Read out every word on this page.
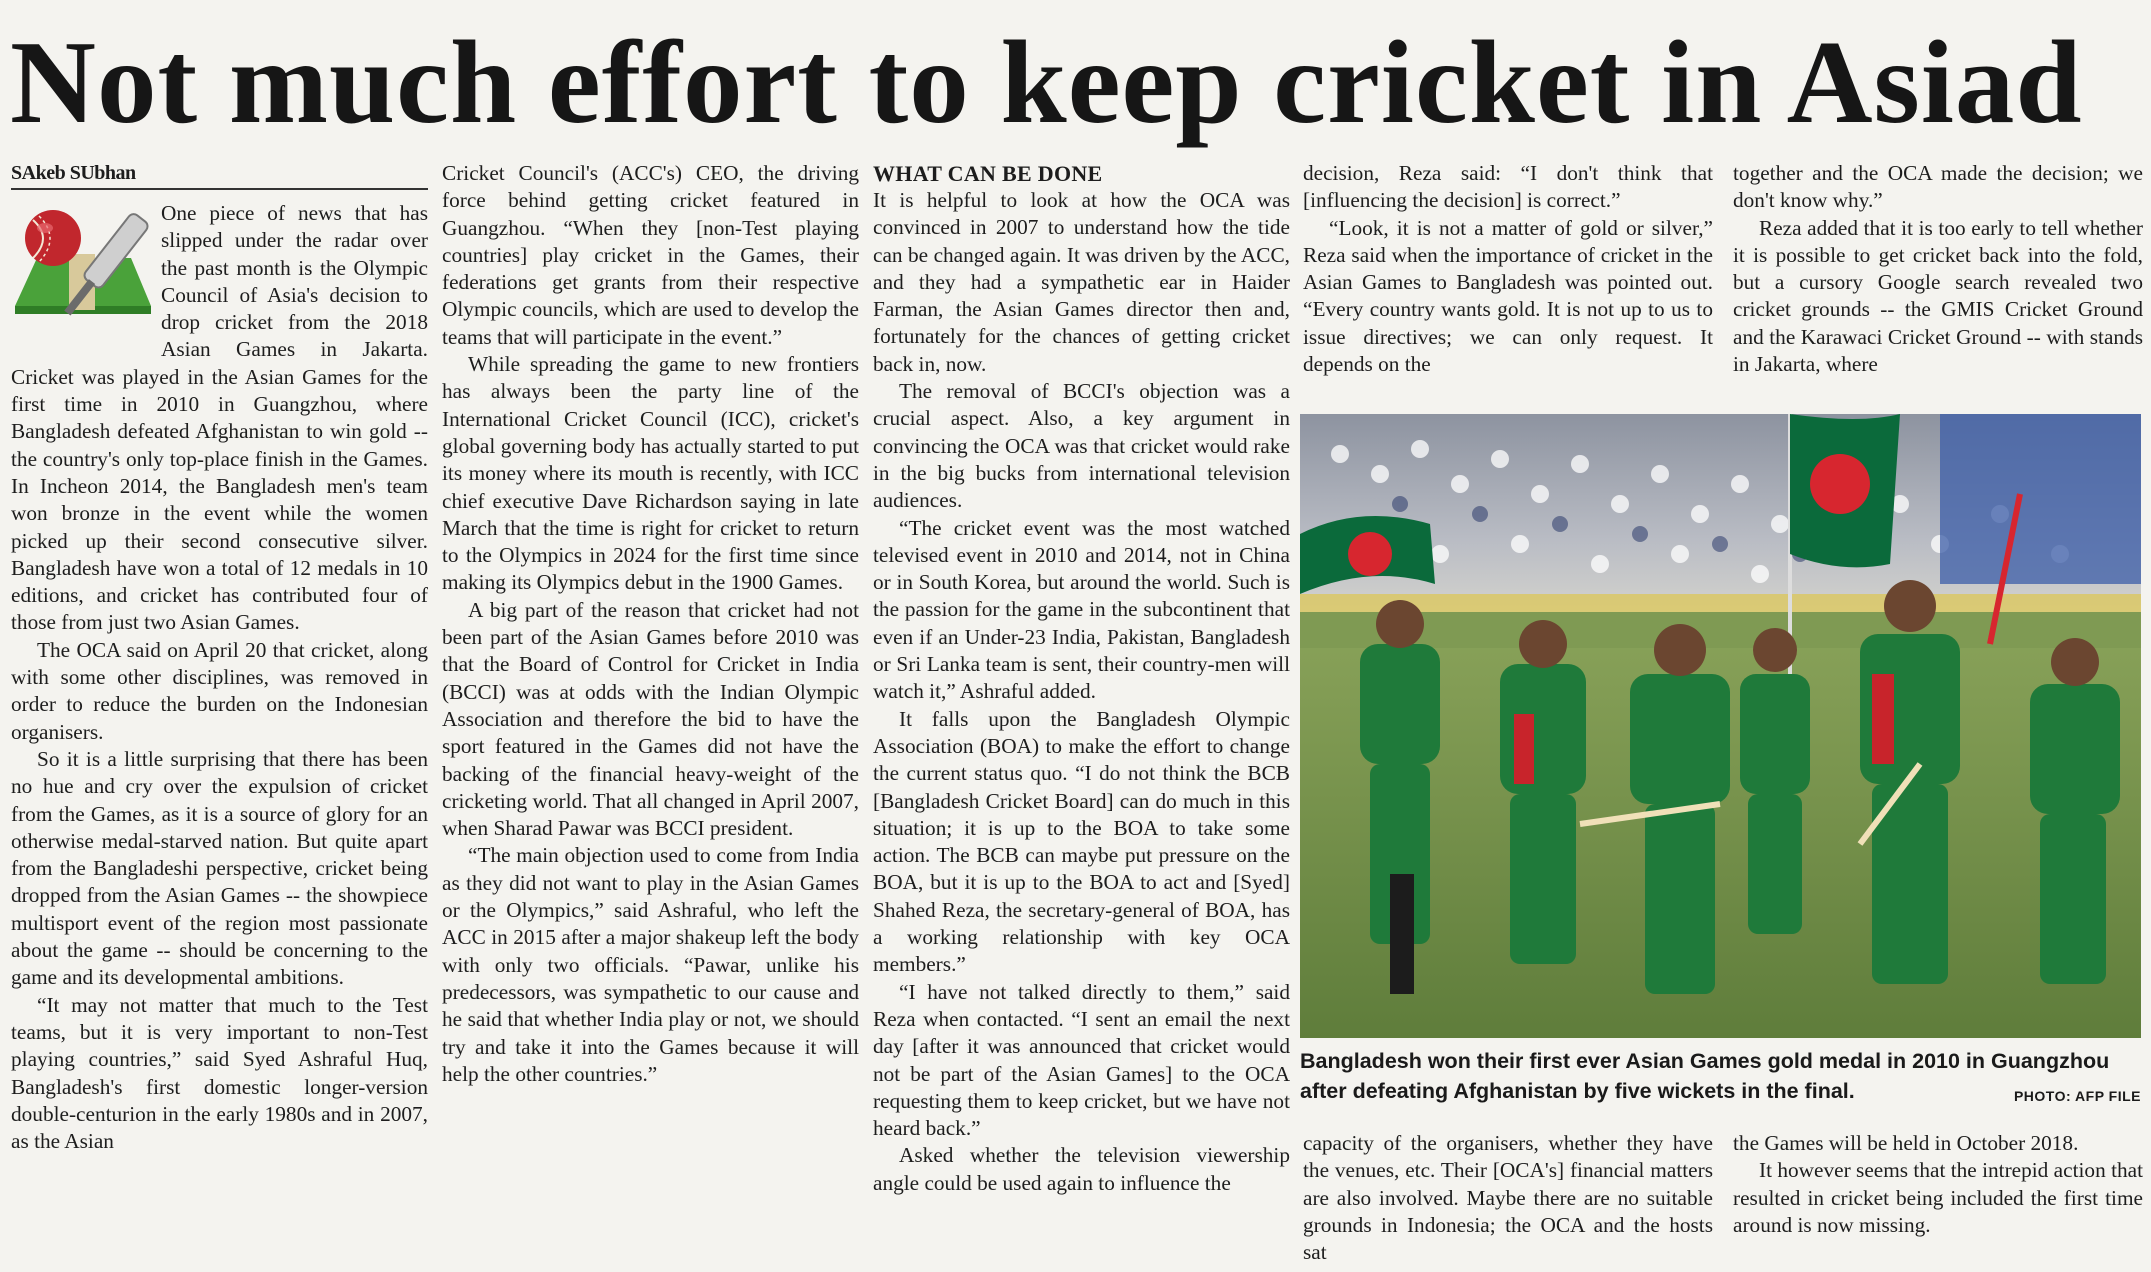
Not much effort to keep cricket in Asiad
SAkeb SUbhan

One piece of news that has slipped under the radar over the past month is the Olympic Council of Asia's decision to drop cricket from the 2018 Asian Games in Jakarta. Cricket was played in the Asian Games for the first time in 2010 in Guangzhou, where Bangladesh defeated Afghanistan to win gold -- the country's only top-place finish in the Games. In Incheon 2014, the Bangladesh men's team won bronze in the event while the women picked up their second consecutive silver. Bangladesh have won a total of 12 medals in 10 editions, and cricket has contributed four of those from just two Asian Games.

The OCA said on April 20 that cricket, along with some other disciplines, was removed in order to reduce the burden on the Indonesian organisers.

So it is a little surprising that there has been no hue and cry over the expulsion of cricket from the Games, as it is a source of glory for an otherwise medal-starved nation. But quite apart from the Bangladeshi perspective, cricket being dropped from the Asian Games -- the showpiece multisport event of the region most passionate about the game -- should be concerning to the game and its developmental ambitions.

“It may not matter that much to the Test teams, but it is very important to non-Test playing countries,” said Syed Ashraful Huq, Bangladesh's first domestic longer-version double-centurion in the early 1980s and in 2007, as the Asian

Cricket Council's (ACC's) CEO, the driving force behind getting cricket featured in Guangzhou. “When they [non-Test playing countries] play cricket in the Games, their federations get grants from their respective Olympic councils, which are used to develop the teams that will participate in the event.”

While spreading the game to new frontiers has always been the party line of the International Cricket Council (ICC), cricket's global governing body has actually started to put its money where its mouth is recently, with ICC chief executive Dave Richardson saying in late March that the time is right for cricket to return to the Olympics in 2024 for the first time since making its Olympics debut in the 1900 Games.

A big part of the reason that cricket had not been part of the Asian Games before 2010 was that the Board of Control for Cricket in India (BCCI) was at odds with the Indian Olympic Association and therefore the bid to have the sport featured in the Games did not have the backing of the financial heavy-weight of the cricketing world. That all changed in April 2007, when Sharad Pawar was BCCI president.

“The main objection used to come from India as they did not want to play in the Asian Games or the Olympics,” said Ashraful, who left the ACC in 2015 after a major shakeup left the body with only two officials. “Pawar, unlike his predecessors, was sympathetic to our cause and he said that whether India play or not, we should try and take it into the Games because it will help the other countries.”

WHAT CAN BE DONE

It is helpful to look at how the OCA was convinced in 2007 to understand how the tide can be changed again. It was driven by the ACC, and they had a sympathetic ear in Haider Farman, the Asian Games director then and, fortunately for the chances of getting cricket back in, now.

The removal of BCCI's objection was a crucial aspect. Also, a key argument in convincing the OCA was that cricket would rake in the big bucks from international television audiences.

“The cricket event was the most watched televised event in 2010 and 2014, not in China or in South Korea, but around the world. Such is the passion for the game in the subcontinent that even if an Under-23 India, Pakistan, Bangladesh or Sri Lanka team is sent, their country-men will watch it,” Ashraful added.

It falls upon the Bangladesh Olympic Association (BOA) to make the effort to change the current status quo. “I do not think the BCB [Bangladesh Cricket Board] can do much in this situation; it is up to the BOA to take some action. The BCB can maybe put pressure on the BOA, but it is up to the BOA to act and [Syed] Shahed Reza, the secretary-general of BOA, has a working relationship with key OCA members.”

“I have not talked directly to them,” said Reza when contacted. “I sent an email the next day [after it was announced that cricket would not be part of the Asian Games] to the OCA requesting them to keep cricket, but we have not heard back.”

Asked whether the television viewership angle could be used again to influence the

decision, Reza said: “I don't think that [influencing the decision] is correct.”

“Look, it is not a matter of gold or silver,” Reza said when the importance of cricket in the Asian Games to Bangladesh was pointed out. “Every country wants gold. It is not up to us to issue directives; we can only request. It depends on the

together and the OCA made the decision; we don't know why.”

Reza added that it is too early to tell whether it is possible to get cricket back into the fold, but a cursory Google search revealed two cricket grounds -- the GMIS Cricket Ground and the Karawaci Cricket Ground -- with stands in Jakarta, where

Bangladesh won their first ever Asian Games gold medal in 2010 in Guangzhou after defeating Afghanistan by five wickets in the final.	PHOTO: AFP FILE

capacity of the organisers, whether they have the venues, etc. Their [OCA's] financial matters are also involved. Maybe there are no suitable grounds in Indonesia; the OCA and the hosts sat

the Games will be held in October 2018.

It however seems that the intrepid action that resulted in cricket being included the first time around is now missing.
